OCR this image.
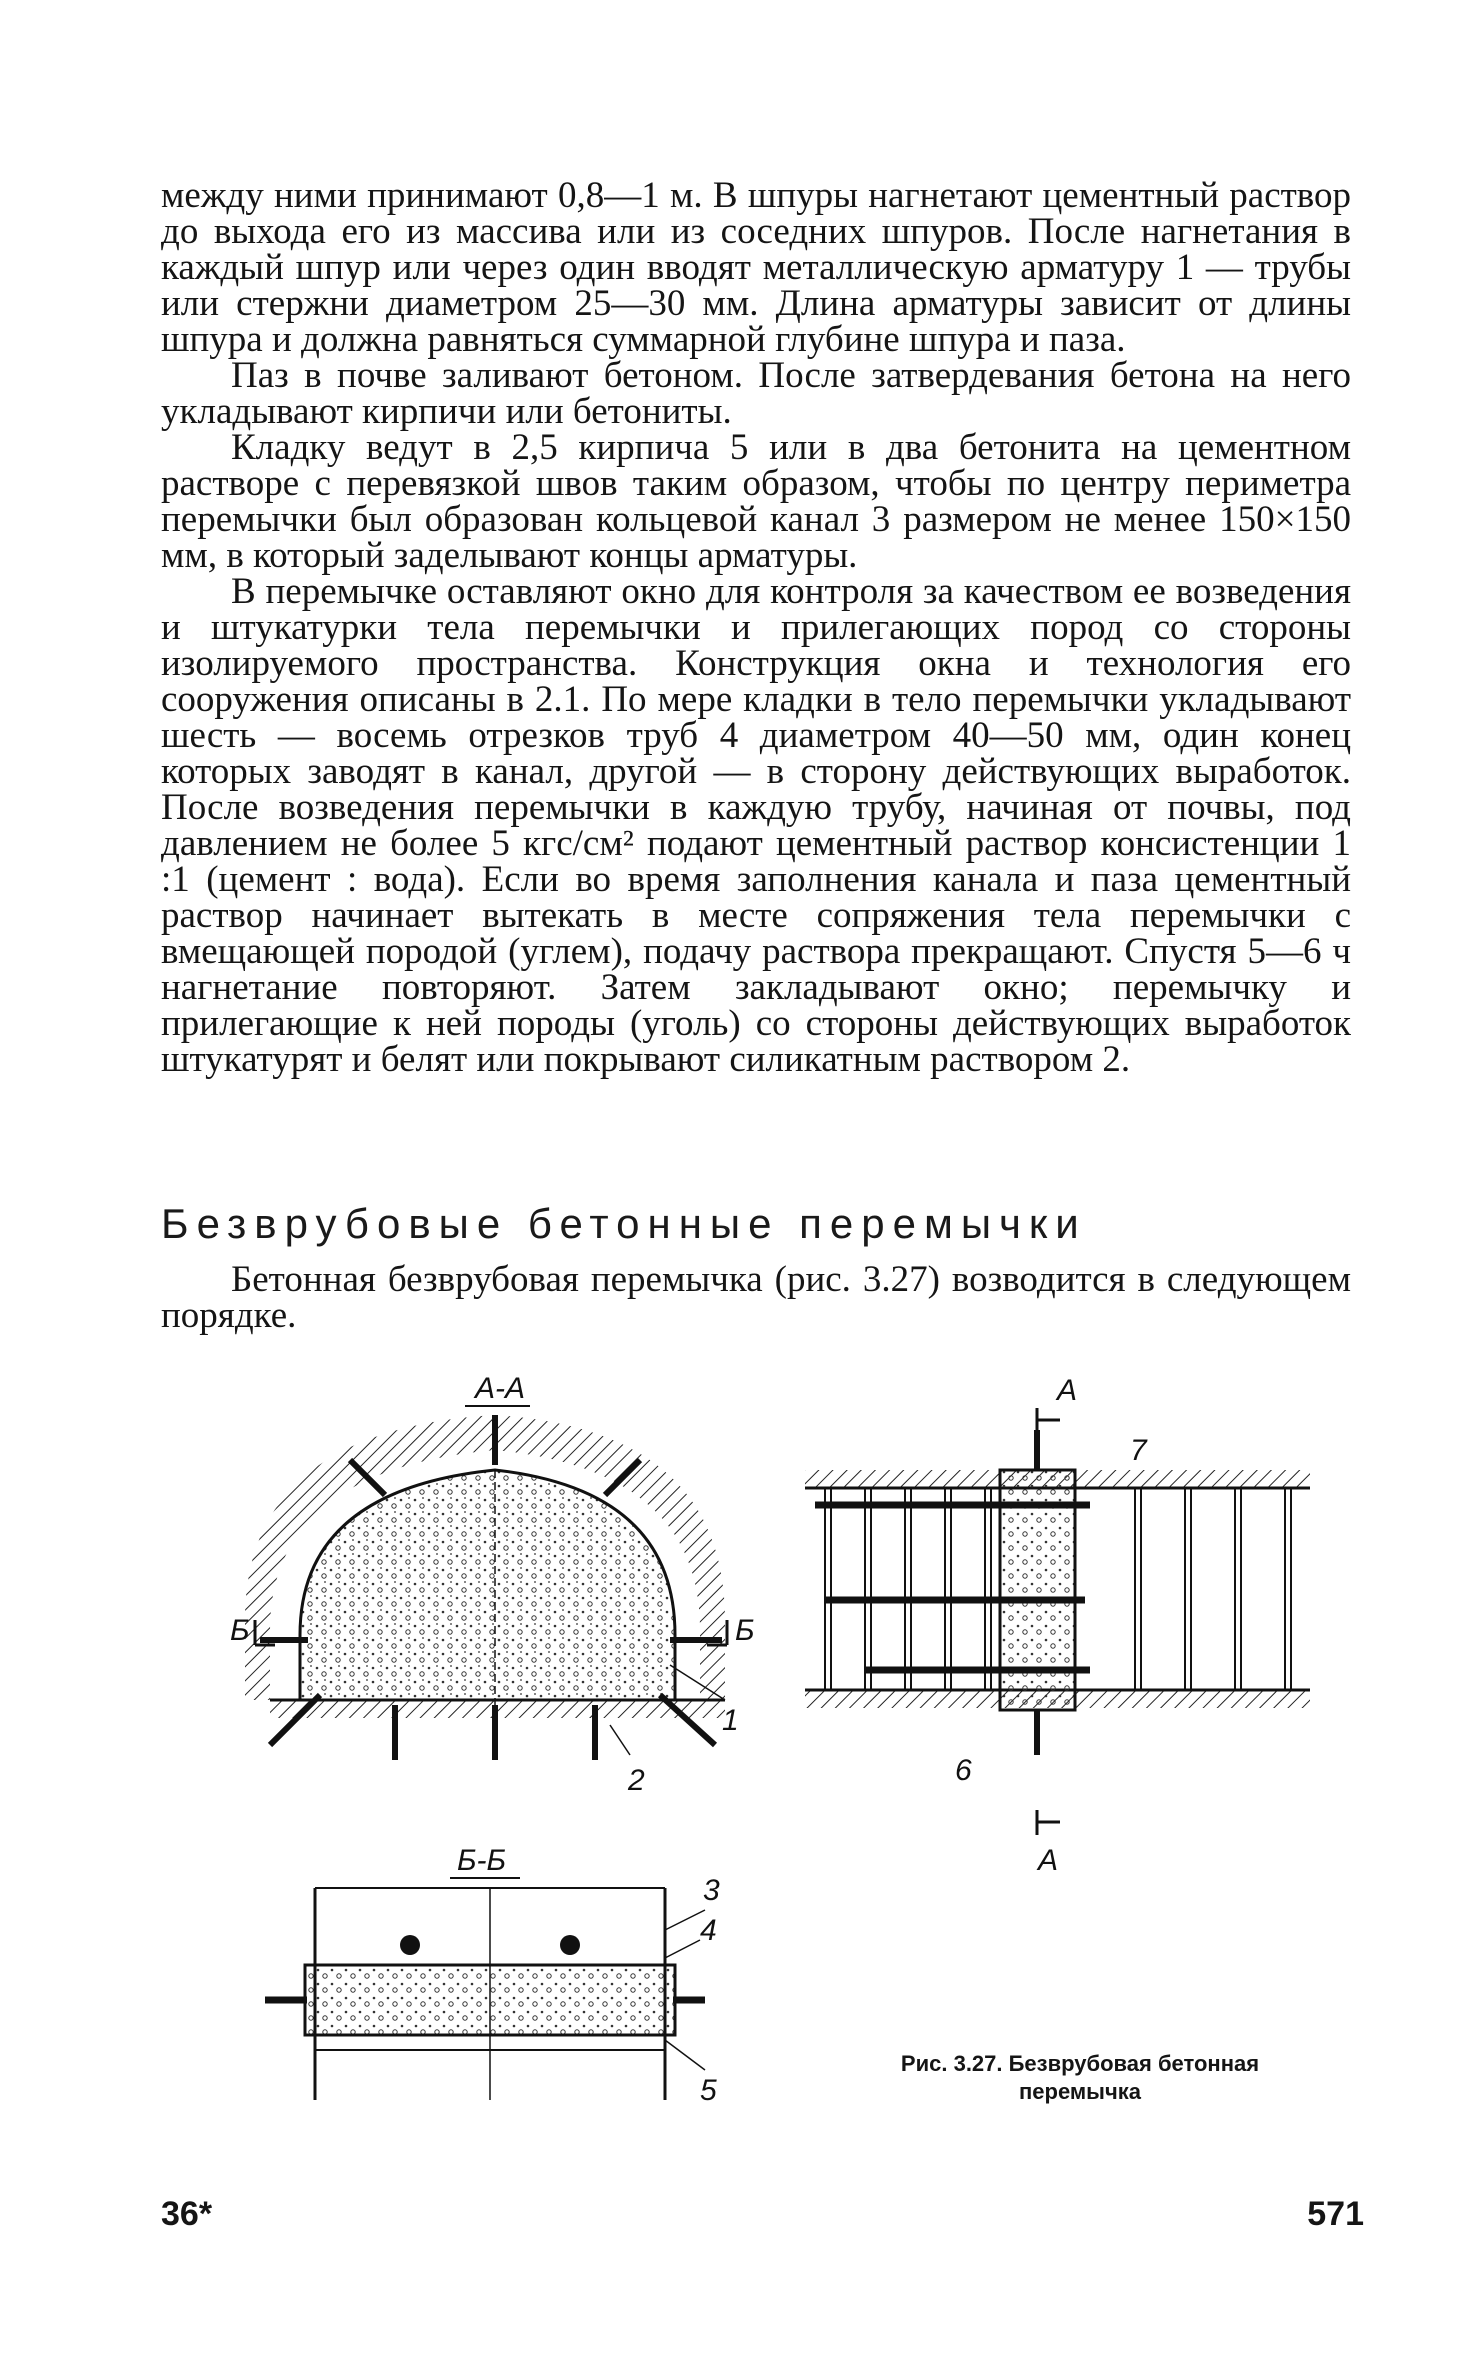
между ними принимают 0,8—1 м. В шпуры нагнетают цементный раствор до выхода его из массива или из соседних шпуров. После нагнетания в каждый шпур или через один вводят металлическую арматуру 1 — трубы или стержни диаметром 25—30 мм. Длина арматуры зависит от длины шпура и должна равняться суммарной глубине шпура и паза.

Паз в почве заливают бетоном. После затвердевания бетона на него укладывают кирпичи или бетониты.

Кладку ведут в 2,5 кирпича 5 или в два бетонита на цементном растворе с перевязкой швов таким образом, чтобы по центру периметра перемычки был образован кольцевой канал 3 размером не менее 150×150 мм, в который заделывают концы арматуры.

В перемычке оставляют окно для контроля за качеством ее возведения и штукатурки тела перемычки и прилегающих пород со стороны изолируемого пространства. Конструкция окна и технология его сооружения описаны в 2.1. По мере кладки в тело перемычки укладывают шесть — восемь отрезков труб 4 диаметром 40—50 мм, один конец которых заводят в канал, другой — в сторону действующих выработок. После возведения перемычки в каждую трубу, начиная от почвы, под давлением не более 5 кгс/см² подают цементный раствор консистенции 1 :1 (цемент : вода). Если во время заполнения канала и паза цементный раствор начинает вытекать в месте сопряжения тела перемычки с вмещающей породой (углем), подачу раствора прекращают. Спустя 5—6 ч нагнетание повторяют. Затем закладывают окно; перемычку и прилегающие к ней породы (уголь) со стороны действующих выработок штукатурят и белят или покрывают силикатным раствором 2.

Безврубовые бетонные перемычки
Бетонная безврубовая перемычка (рис. 3.27) возводится в следующем порядке.
А-А
Б	Б
1
2
А
7
6
А
Б-Б
3
4
5
Рис. 3.27. Безврубовая бетонная
перемычка
36*	571
